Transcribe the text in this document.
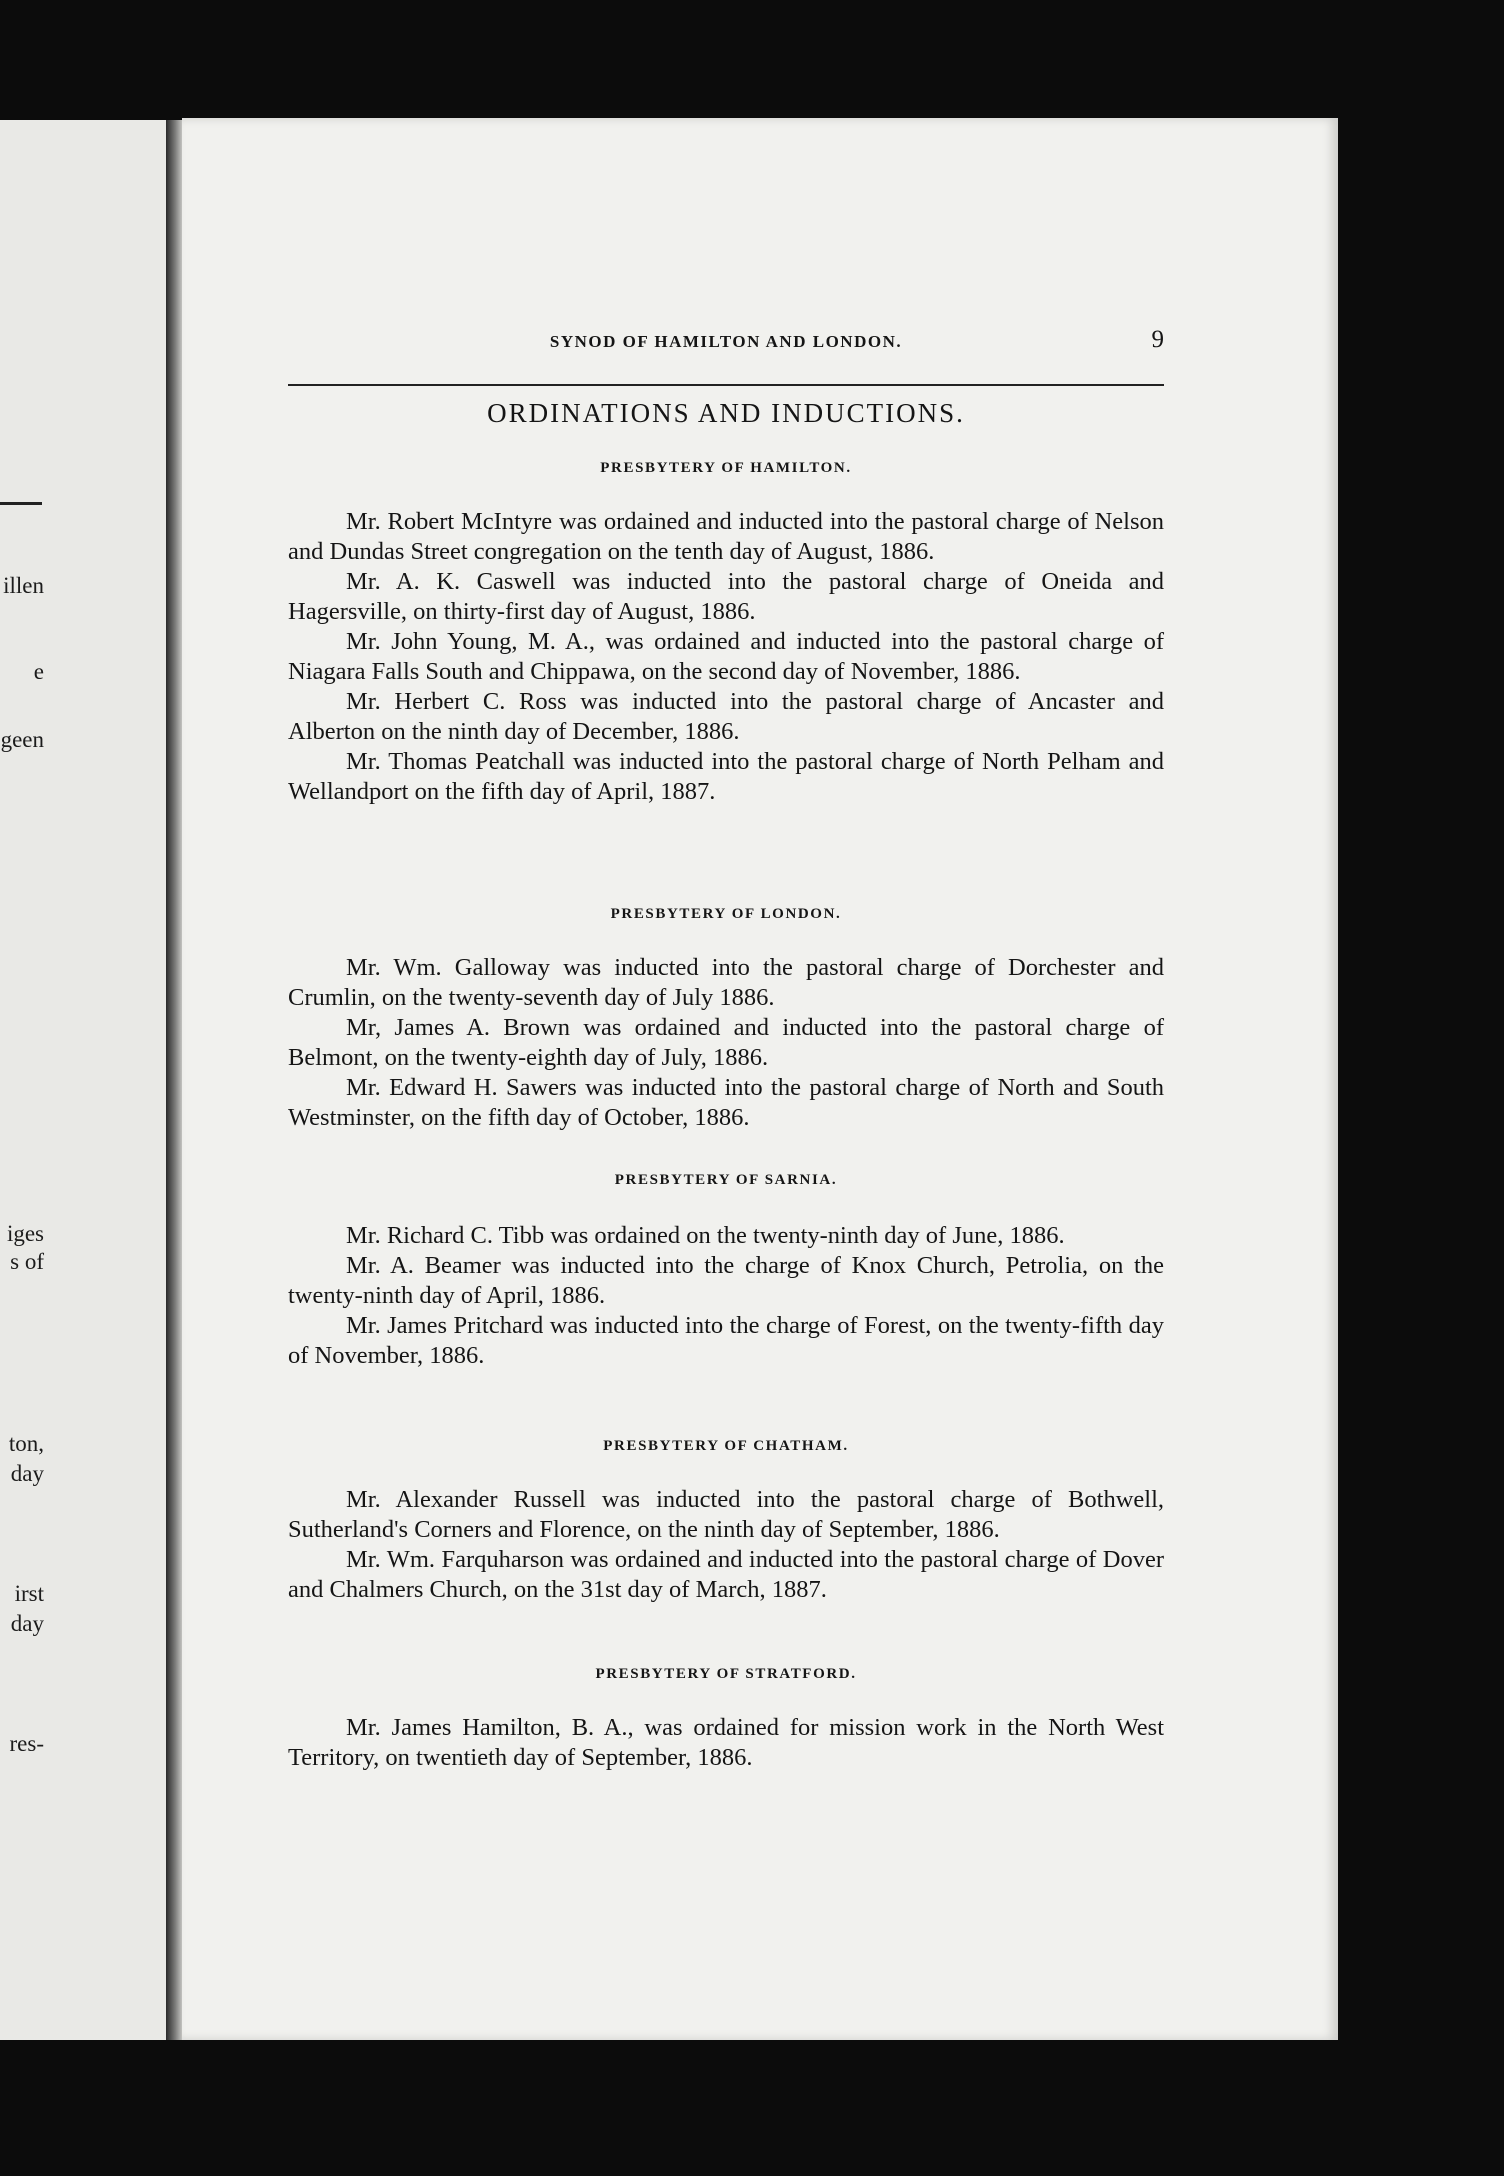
illen
e
geen
iges
s of
ton,
day
irst
day
res-
SYNOD OF HAMILTON AND LONDON.	9
ORDINATIONS AND INDUCTIONS.
PRESBYTERY OF HAMILTON.

Mr. Robert McIntyre was ordained and inducted into the pastoral charge of Nelson and Dundas Street congregation on the tenth day of August, 1886.

Mr. A. K. Caswell was inducted into the pastoral charge of Oneida and Hagersville, on thirty-first day of August, 1886.

Mr. John Young, M. A., was ordained and inducted into the pastoral charge of Niagara Falls South and Chippawa, on the second day of November, 1886.

Mr. Herbert C. Ross was inducted into the pastoral charge of Ancaster and Alberton on the ninth day of December, 1886.

Mr. Thomas Peatchall was inducted into the pastoral charge of North Pelham and Wellandport on the fifth day of April, 1887.

PRESBYTERY OF LONDON.

Mr. Wm. Galloway was inducted into the pastoral charge of Dorchester and Crumlin, on the twenty-seventh day of July 1886.

Mr, James A. Brown was ordained and inducted into the pastoral charge of Belmont, on the twenty-eighth day of July, 1886.

Mr. Edward H. Sawers was inducted into the pastoral charge of North and South Westminster, on the fifth day of October, 1886.

PRESBYTERY OF SARNIA.

Mr. Richard C. Tibb was ordained on the twenty-ninth day of June, 1886.

Mr. A. Beamer was inducted into the charge of Knox Church, Petrolia, on the twenty-ninth day of April, 1886.

Mr. James Pritchard was inducted into the charge of Forest, on the twenty-fifth day of November, 1886.

PRESBYTERY OF CHATHAM.

Mr. Alexander Russell was inducted into the pastoral charge of Bothwell, Sutherland's Corners and Florence, on the ninth day of September, 1886.

Mr. Wm. Farquharson was ordained and inducted into the pastoral charge of Dover and Chalmers Church, on the 31st day of March, 1887.

PRESBYTERY OF STRATFORD.

Mr. James Hamilton, B. A., was ordained for mission work in the North West Territory, on twentieth day of September, 1886.
